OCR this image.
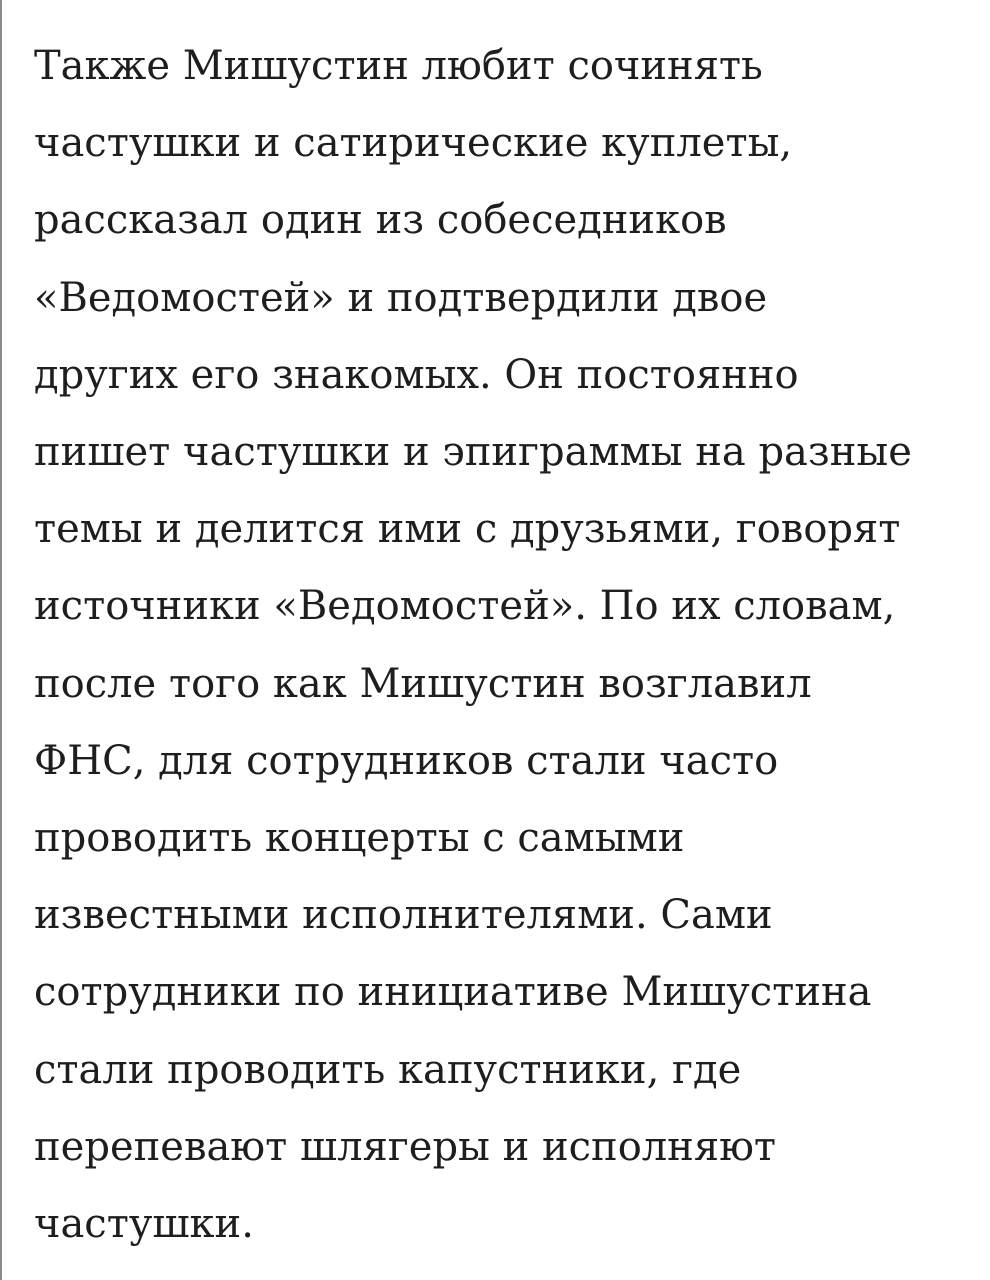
Также Мишустин любит сочинять
частушки и сатирические куплеты,
рассказал один из собеседников
«Ведомостей» и подтвердили двое
других его знакомых. Он постоянно
пишет частушки и эпиграммы на разные
темы и делится ими с друзьями, говорят
источники «Ведомостей». По их словам,
после того как Мишустин возглавил
ФНС, для сотрудников стали часто
проводить концерты с самыми
известными исполнителями. Сами
сотрудники по инициативе Мишустина
стали проводить капустники, где
перепевают шлягеры и исполняют
частушки.
